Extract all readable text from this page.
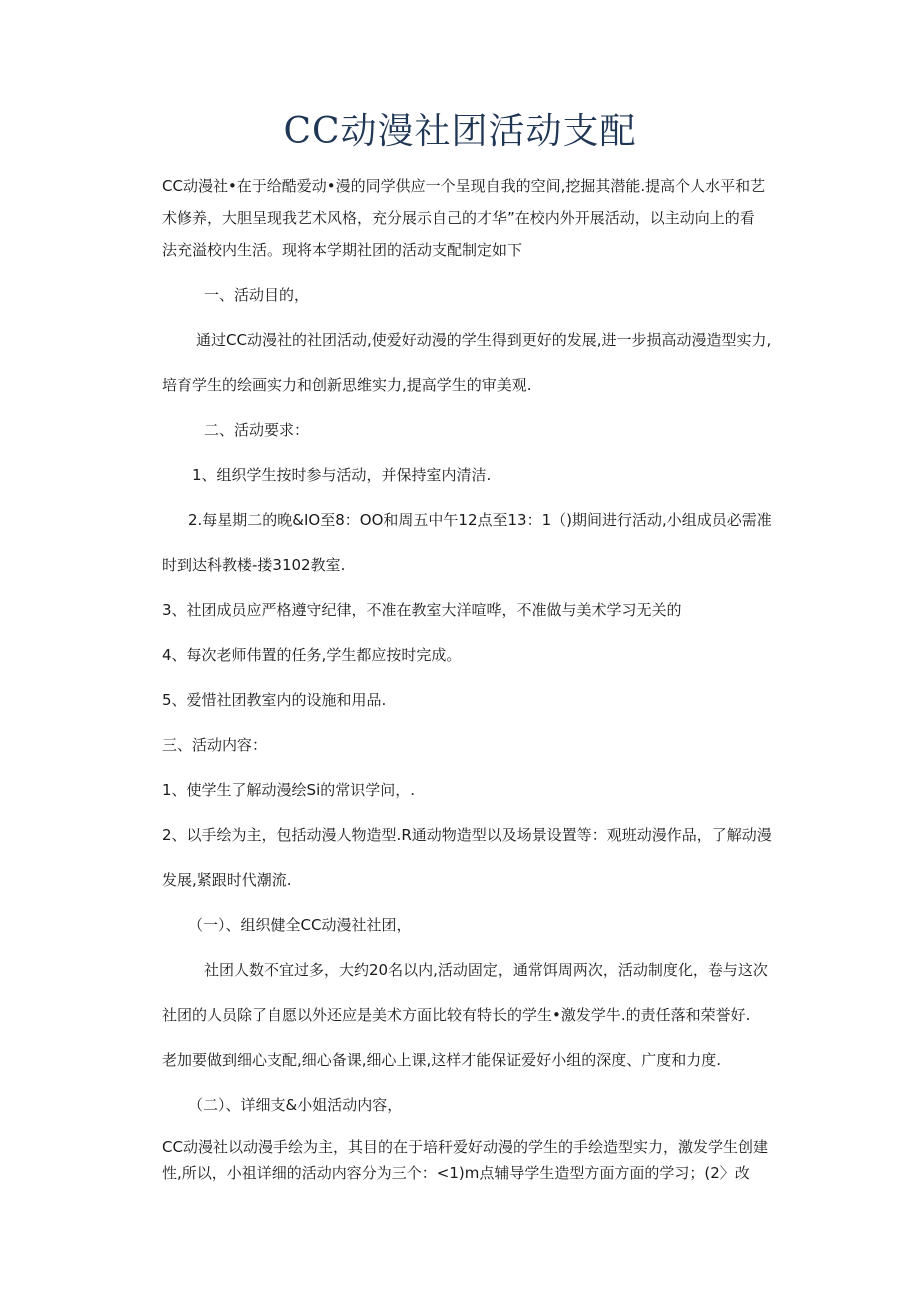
CC动漫社团活动支配

CC动漫社•在于给酷爱动•漫的同学供应一个呈现自我的空间,挖掘其潜能.提高个人水平和艺

术修养，大胆呈现我艺术风格，充分展示自己的才华”在校内外开展活动，以主动向上的看

法充溢校内生活。现将本学期社团的活动支配制定如下

一、活动目的，

通过CC动漫社的社团活动,使爱好动漫的学生得到更好的发展,进一步损高动漫造型实力,

培育学生的绘画实力和创新思维实力,提高学生的审美观.

二、活动要求：

1、组织学生按时参与活动，并保持室内清洁.

2.每星期二的晚&IO至8：OO和周五中午12点至13：1（)期间进行活动,小组成员必需准

时到达科教楼-搂3102教室.

3、社团成员应严格遵守纪律，不准在教室大洋喧哗，不准做与美术学习无关的

4、每次老师伟置的任务,学生都应按时完成。

5、爱惜社团教室内的设施和用品.

三、活动内容：

1、使学生了解动漫绘Si的常识学问，.

2、以手绘为主，包括动漫人物造型.R通动物造型以及场景设置等：观班动漫作品，了解动漫

发展,紧跟时代潮流.

（一）、组织健全CC动漫社社团，

社团人数不宜过多，大约20名以内,活动固定，通常饵周两次，活动制度化，卷与这次

社团的人员除了自愿以外还应是美术方面比较有特长的学生•激发学牛.的责任落和荣誉好.

老加要做到细心支配,细心备课,细心上课,这样才能保证爱好小组的深度、广度和力度.

（二）、详细支&小姐活动内容，

CC动漫社以动漫手绘为主，其目的在于培秆爱好动漫的学生的手绘造型实力，激发学生创建

性,所以，小祖详细的活动内容分为三个：<1)m点辅导学生造型方面方面的学习；(2〉改
